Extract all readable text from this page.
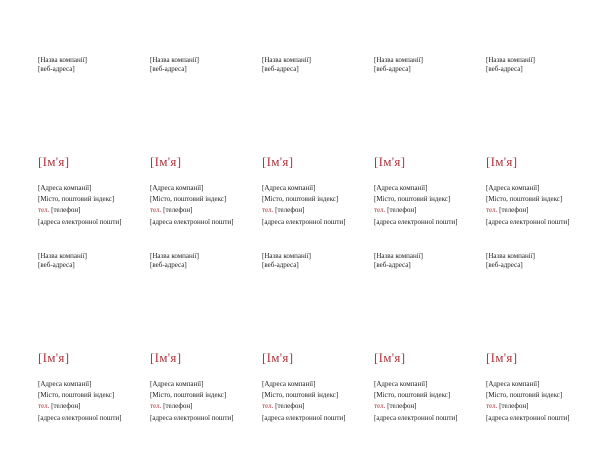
[Назва компанії]
[веб-адреса]
[Ім'я]
[Адреса компанії]
[Місто, поштовий індекс]
тел. [телефон]
[адреса електронної пошти]
[Назва компанії]
[веб-адреса]
[Ім'я]
[Адреса компанії]
[Місто, поштовий індекс]
тел. [телефон]
[адреса електронної пошти]
[Назва компанії]
[веб-адреса]
[Ім'я]
[Адреса компанії]
[Місто, поштовий індекс]
тел. [телефон]
[адреса електронної пошти]
[Назва компанії]
[веб-адреса]
[Ім'я]
[Адреса компанії]
[Місто, поштовий індекс]
тел. [телефон]
[адреса електронної пошти]
[Назва компанії]
[веб-адреса]
[Ім'я]
[Адреса компанії]
[Місто, поштовий індекс]
тел. [телефон]
[адреса електронної пошти]
[Назва компанії]
[веб-адреса]
[Ім'я]
[Адреса компанії]
[Місто, поштовий індекс]
тел. [телефон]
[адреса електронної пошти]
[Назва компанії]
[веб-адреса]
[Ім'я]
[Адреса компанії]
[Місто, поштовий індекс]
тел. [телефон]
[адреса електронної пошти]
[Назва компанії]
[веб-адреса]
[Ім'я]
[Адреса компанії]
[Місто, поштовий індекс]
тел. [телефон]
[адреса електронної пошти]
[Назва компанії]
[веб-адреса]
[Ім'я]
[Адреса компанії]
[Місто, поштовий індекс]
тел. [телефон]
[адреса електронної пошти]
[Назва компанії]
[веб-адреса]
[Ім'я]
[Адреса компанії]
[Місто, поштовий індекс]
тел. [телефон]
[адреса електронної пошти]
